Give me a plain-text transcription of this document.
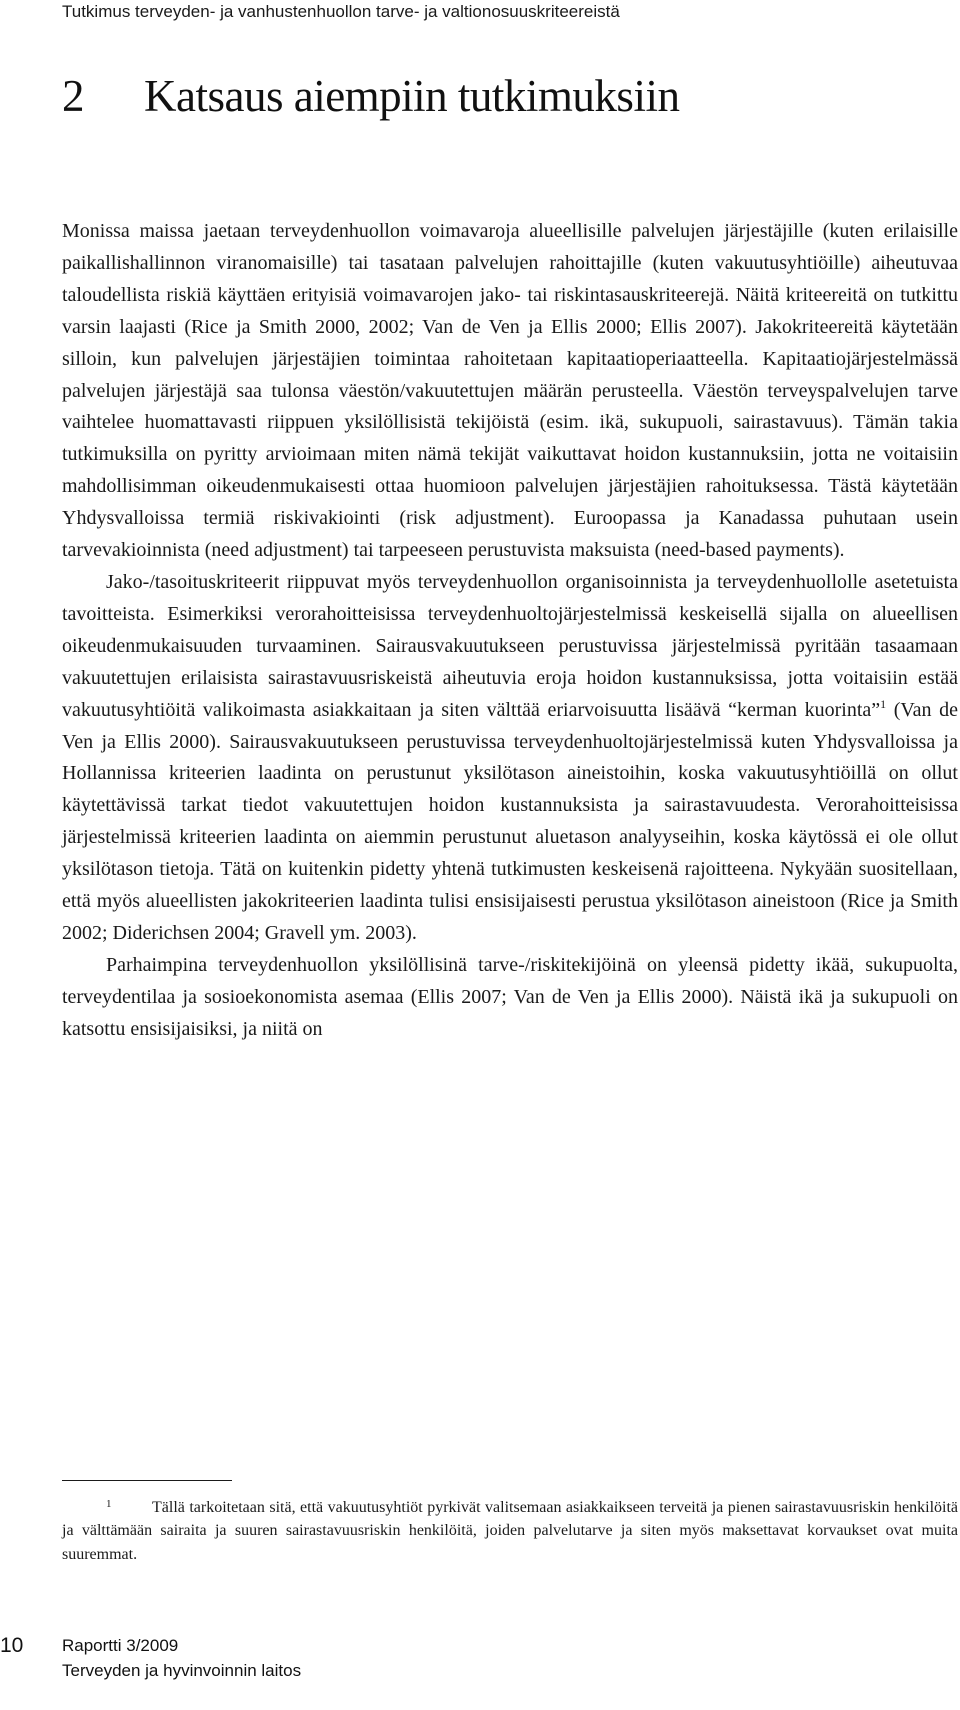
Tutkimus terveyden- ja vanhustenhuollon tarve- ja valtionosuuskriteereistä
2 Katsaus aiempiin tutkimuksiin

Monissa maissa jaetaan terveydenhuollon voimavaroja alueellisille palvelujen järjestäjille (kuten erilaisille paikallishallinnon viranomaisille) tai tasataan palvelujen rahoittajille (kuten vakuutusyhtiöille) aiheutuvaa taloudellista riskiä käyttäen erityisiä voimavarojen jako- tai riskintasauskriteerejä. Näitä kriteereitä on tutkittu varsin laajasti (Rice ja Smith 2000, 2002; Van de Ven ja Ellis 2000; Ellis 2007). Jakokriteereitä käytetään silloin, kun palvelujen järjestäjien toimintaa rahoitetaan kapitaatioperiaatteella. Kapitaatiojärjestelmässä palvelujen järjestäjä saa tulonsa väestön/vakuutettujen määrän perusteella. Väestön terveyspalvelujen tarve vaihtelee huomattavasti riippuen yksilöllisistä tekijöistä (esim. ikä, sukupuoli, sairastavuus). Tämän takia tutkimuksilla on pyritty arvioimaan miten nämä tekijät vaikuttavat hoidon kustannuksiin, jotta ne voitaisiin mahdollisimman oikeudenmukaisesti ottaa huomioon palvelujen järjestäjien rahoituksessa. Tästä käytetään Yhdysvalloissa termiä riskivakiointi (risk adjustment). Euroopassa ja Kanadassa puhutaan usein tarvevakioinnista (need adjustment) tai tarpeeseen perustuvista maksuista (need-based payments).

Jako-/tasoituskriteerit riippuvat myös terveydenhuollon organisoinnista ja terveydenhuollolle asetetuista tavoitteista. Esimerkiksi verorahoitteisissa terveydenhuoltojärjestelmissä keskeisellä sijalla on alueellisen oikeudenmukaisuuden turvaaminen. Sairausvakuutukseen perustuvissa järjestelmissä pyritään tasaamaan vakuutettujen erilaisista sairastavuusriskeistä aiheutuvia eroja hoidon kustannuksissa, jotta voitaisiin estää vakuutusyhtiöitä valikoimasta asiakkaitaan ja siten välttää eriarvoisuutta lisäävä “kerman kuorinta”$^1$ (Van de Ven ja Ellis 2000). Sairausvakuutukseen perustuvissa terveydenhuoltojärjestelmissä kuten Yhdysvalloissa ja Hollannissa kriteerien laadinta on perustunut yksilötason aineistoihin, koska vakuutusyhtiöillä on ollut käytettävissä tarkat tiedot vakuutettujen hoidon kustannuksista ja sairastavuudesta. Verorahoitteisissa järjestelmissä kriteerien laadinta on aiemmin perustunut aluetason analyyseihin, koska käytössä ei ole ollut yksilötason tietoja. Tätä on kuitenkin pidetty yhtenä tutkimusten keskeisenä rajoitteena. Nykyään suositellaan, että myös alueellisten jakokriteerien laadinta tulisi ensisijaisesti perustua yksilötason aineistoon (Rice ja Smith 2002; Diderichsen 2004; Gravell ym. 2003).

Parhaimpina terveydenhuollon yksilöllisinä tarve-/riskitekijöinä on yleensä pidetty ikää, sukupuolta, terveydentilaa ja sosioekonomista asemaa (Ellis 2007; Van de Ven ja Ellis 2000). Näistä ikä ja sukupuoli on katsottu ensisijaisiksi, ja niitä on

1	Tällä tarkoitetaan sitä, että vakuutusyhtiöt pyrkivät valitsemaan asiakkaikseen terveitä ja pienen sairastavuusriskin henkilöitä ja välttämään sairaita ja suuren sairastavuusriskin henkilöitä, joiden palvelutarve ja siten myös maksettavat korvaukset ovat muita suuremmat.
10 Raportti 3/2009
Terveyden ja hyvinvoinnin laitos
